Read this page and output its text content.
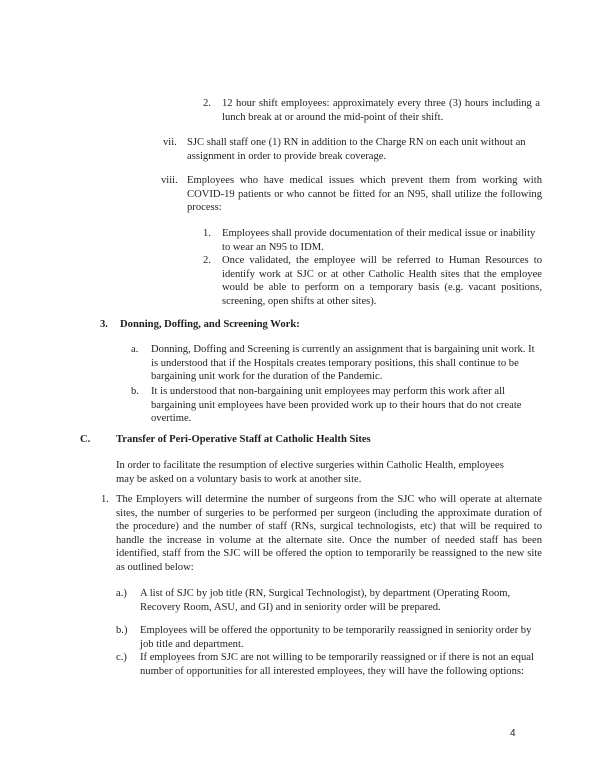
2. 12 hour shift employees: approximately every three (3) hours including a lunch break at or around the mid-point of their shift.
vii. SJC shall staff one (1) RN in addition to the Charge RN on each unit without an assignment in order to provide break coverage.
viii. Employees who have medical issues which prevent them from working with COVID-19 patients or who cannot be fitted for an N95, shall utilize the following process:
1. Employees shall provide documentation of their medical issue or inability to wear an N95 to IDM.
2. Once validated, the employee will be referred to Human Resources to identify work at SJC or at other Catholic Health sites that the employee would be able to perform on a temporary basis (e.g. vacant positions, screening, open shifts at other sites).
3. Donning, Doffing, and Screening Work:
a. Donning, Doffing and Screening is currently an assignment that is bargaining unit work. It is understood that if the Hospitals creates temporary positions, this shall continue to be bargaining unit work for the duration of the Pandemic.
b. It is understood that non-bargaining unit employees may perform this work after all bargaining unit employees have been provided work up to their hours that do not create overtime.
C. Transfer of Peri-Operative Staff at Catholic Health Sites
In order to facilitate the resumption of elective surgeries within Catholic Health, employees may be asked on a voluntary basis to work at another site.
1. The Employers will determine the number of surgeons from the SJC who will operate at alternate sites, the number of surgeries to be performed per surgeon (including the approximate duration of the procedure) and the number of staff (RNs, surgical technologists, etc) that will be required to handle the increase in volume at the alternate site. Once the number of needed staff has been identified, staff from the SJC will be offered the option to temporarily be reassigned to the new site as outlined below:
a.) A list of SJC by job title (RN, Surgical Technologist), by department (Operating Room, Recovery Room, ASU, and GI) and in seniority order will be prepared.
b.) Employees will be offered the opportunity to be temporarily reassigned in seniority order by job title and department.
c.) If employees from SJC are not willing to be temporarily reassigned or if there is not an equal number of opportunities for all interested employees, they will have the following options:
4
